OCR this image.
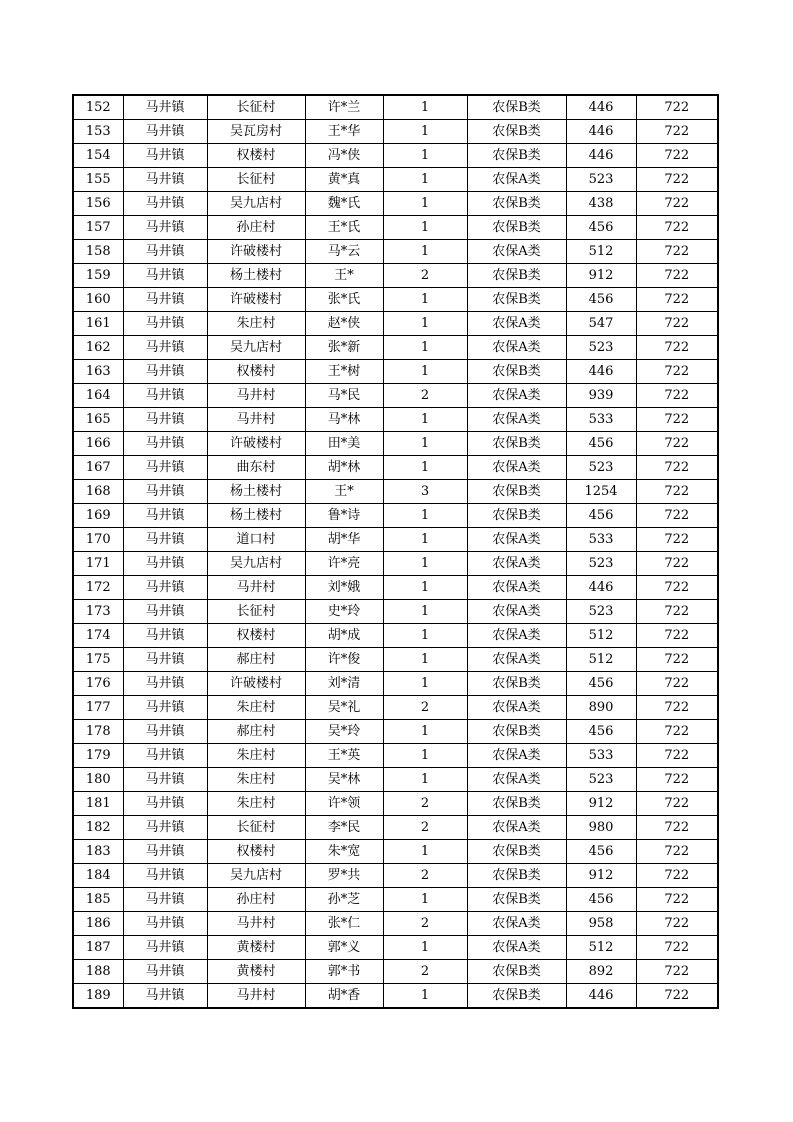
152	马井镇	长征村	许*兰	1	农保B类	446	722
153	马井镇	吴瓦房村	王*华	1	农保B类	446	722
154	马井镇	权楼村	冯*侠	1	农保B类	446	722
155	马井镇	长征村	黄*真	1	农保A类	523	722
156	马井镇	吴九店村	魏*氏	1	农保B类	438	722
157	马井镇	孙庄村	王*氏	1	农保B类	456	722
158	马井镇	许破楼村	马*云	1	农保A类	512	722
159	马井镇	杨土楼村	王*	2	农保B类	912	722
160	马井镇	许破楼村	张*氏	1	农保B类	456	722
161	马井镇	朱庄村	赵*侠	1	农保A类	547	722
162	马井镇	吴九店村	张*新	1	农保A类	523	722
163	马井镇	权楼村	王*树	1	农保B类	446	722
164	马井镇	马井村	马*民	2	农保A类	939	722
165	马井镇	马井村	马*林	1	农保A类	533	722
166	马井镇	许破楼村	田*美	1	农保B类	456	722
167	马井镇	曲东村	胡*林	1	农保A类	523	722
168	马井镇	杨土楼村	王*	3	农保B类	1254	722
169	马井镇	杨土楼村	鲁*诗	1	农保B类	456	722
170	马井镇	道口村	胡*华	1	农保A类	533	722
171	马井镇	吴九店村	许*亮	1	农保A类	523	722
172	马井镇	马井村	刘*娥	1	农保A类	446	722
173	马井镇	长征村	史*玲	1	农保A类	523	722
174	马井镇	权楼村	胡*成	1	农保A类	512	722
175	马井镇	郝庄村	许*俊	1	农保A类	512	722
176	马井镇	许破楼村	刘*清	1	农保B类	456	722
177	马井镇	朱庄村	吴*礼	2	农保A类	890	722
178	马井镇	郝庄村	吴*玲	1	农保B类	456	722
179	马井镇	朱庄村	王*英	1	农保A类	533	722
180	马井镇	朱庄村	吴*林	1	农保A类	523	722
181	马井镇	朱庄村	许*领	2	农保B类	912	722
182	马井镇	长征村	李*民	2	农保A类	980	722
183	马井镇	权楼村	朱*宽	1	农保B类	456	722
184	马井镇	吴九店村	罗*共	2	农保B类	912	722
185	马井镇	孙庄村	孙*芝	1	农保B类	456	722
186	马井镇	马井村	张*仁	2	农保A类	958	722
187	马井镇	黄楼村	郭*义	1	农保A类	512	722
188	马井镇	黄楼村	郭*书	2	农保B类	892	722
189	马井镇	马井村	胡*香	1	农保B类	446	722
